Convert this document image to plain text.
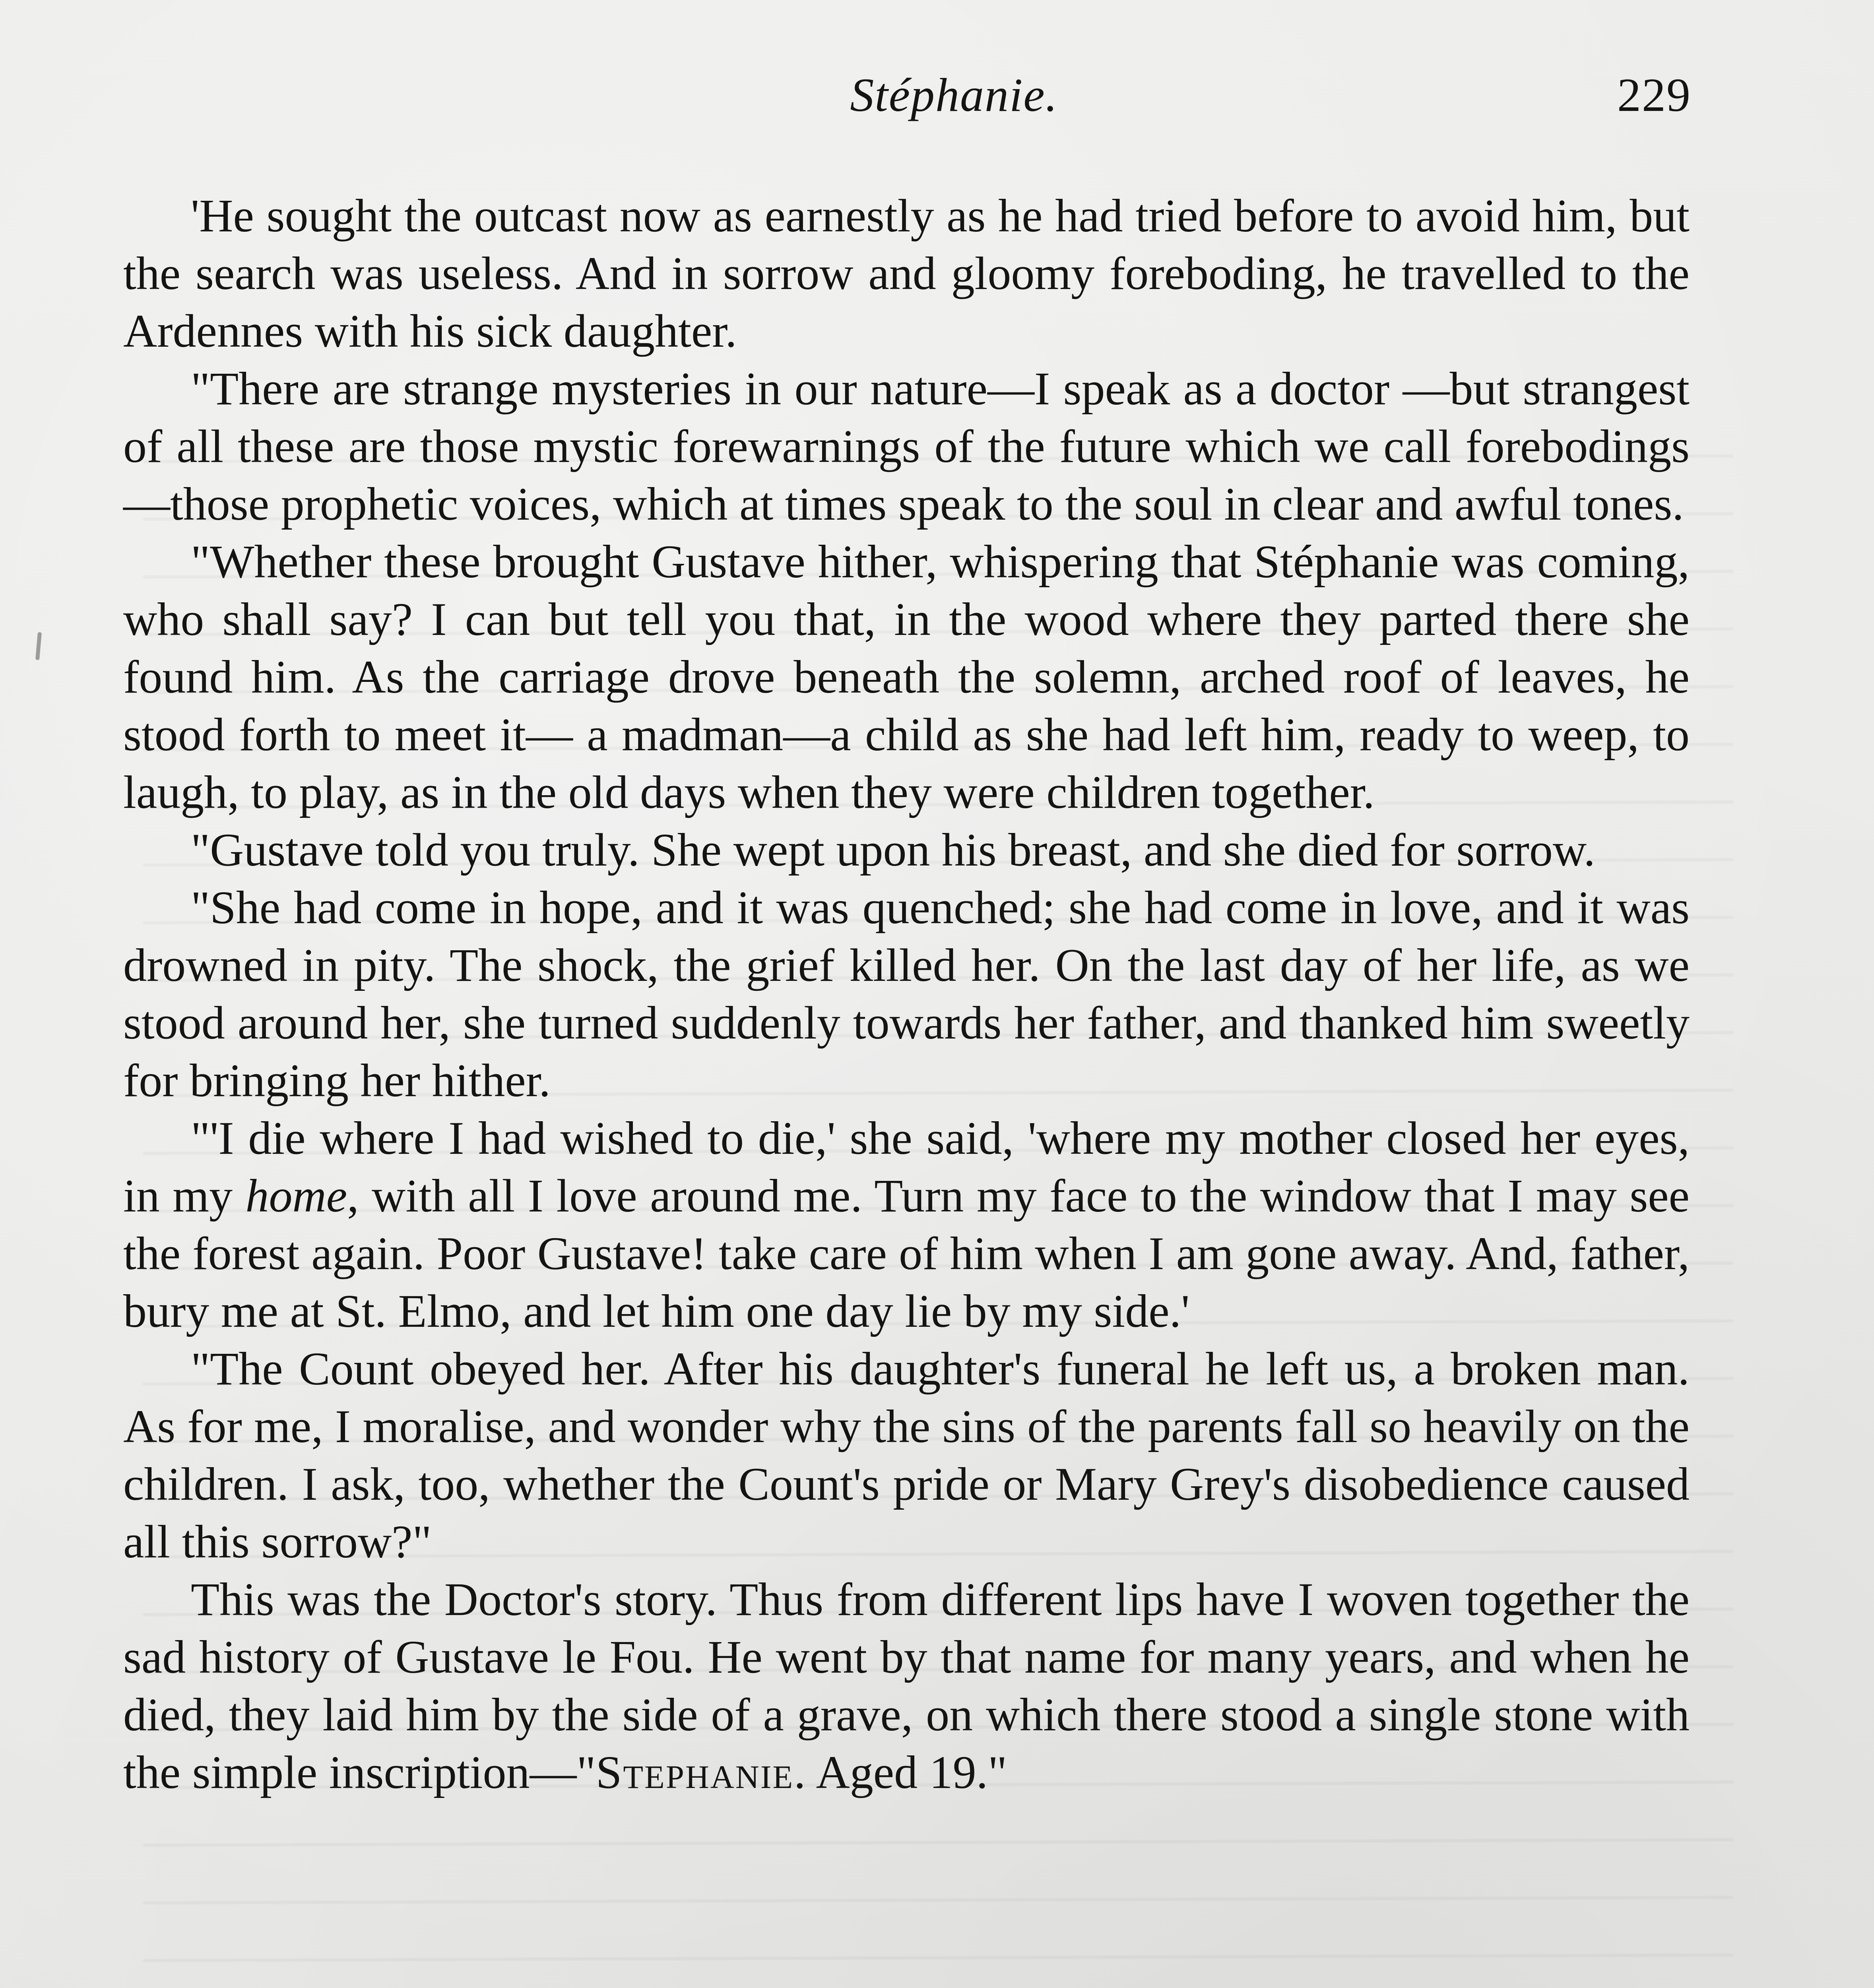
Stéphanie.	229

'He sought the outcast now as earnestly as he had tried before to avoid him, but the search was useless. And in sorrow and gloomy foreboding, he travelled to the Ardennes with his sick daughter.

"There are strange mysteries in our nature—I speak as a doctor —but strangest of all these are those mystic forewarnings of the future which we call forebodings—those prophetic voices, which at times speak to the soul in clear and awful tones.

"Whether these brought Gustave hither, whispering that Stéphanie was coming, who shall say? I can but tell you that, in the wood where they parted there she found him. As the carriage drove beneath the solemn, arched roof of leaves, he stood forth to meet it— a madman—a child as she had left him, ready to weep, to laugh, to play, as in the old days when they were children together.

"Gustave told you truly. She wept upon his breast, and she died for sorrow.

"She had come in hope, and it was quenched; she had come in love, and it was drowned in pity. The shock, the grief killed her. On the last day of her life, as we stood around her, she turned suddenly towards her father, and thanked him sweetly for bringing her hither.

"'I die where I had wished to die,' she said, 'where my mother closed her eyes, in my home, with all I love around me. Turn my face to the window that I may see the forest again. Poor Gustave! take care of him when I am gone away. And, father, bury me at St. Elmo, and let him one day lie by my side.'

"The Count obeyed her. After his daughter's funeral he left us, a broken man. As for me, I moralise, and wonder why the sins of the parents fall so heavily on the children. I ask, too, whether the Count's pride or Mary Grey's disobedience caused all this sorrow?"

This was the Doctor's story. Thus from different lips have I woven together the sad history of Gustave le Fou. He went by that name for many years, and when he died, they laid him by the side of a grave, on which there stood a single stone with the simple inscription—"Stephanie. Aged 19."
